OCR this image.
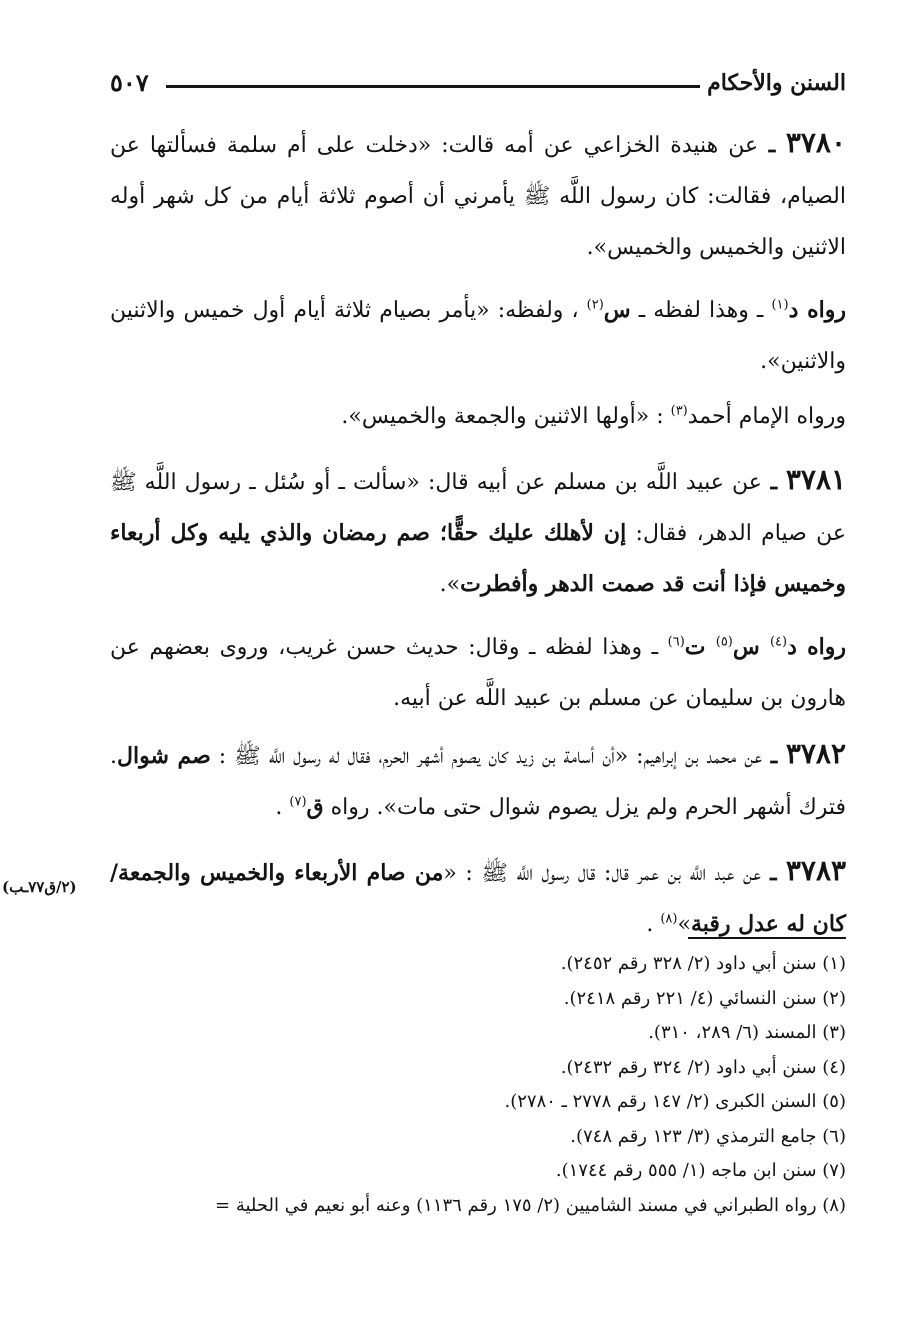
السنن والأحكام
٥٠٧

٣٧٨٠ ـ عن هنيدة الخزاعي عن أمه قالت: «دخلت على أم سلمة فسألتها عن الصيام، فقالت: كان رسول اللَّه ﷺ يأمرني أن أصوم ثلاثة أيام من كل شهر أوله الاثنين والخميس والخميس».

رواه د$^{(١)}$ ـ وهذا لفظه ـ س$^{(٢)}$ ، ولفظه: «يأمر بصيام ثلاثة أيام أول خميس والاثنين والاثنين».

ورواه الإمام أحمد$^{(٣)}$ : «أولها الاثنين والجمعة والخميس».

٣٧٨١ ـ عن عبيد اللَّه بن مسلم عن أبيه قال: «سألت ـ أو سُئل ـ رسول اللَّه ﷺ عن صيام الدهر، فقال: إن لأهلك عليك حقًّا؛ صم رمضان والذي يليه وكل أربعاء وخميس فإذا أنت قد صمت الدهر وأفطرت».

رواه د$^{(٤)}$ س$^{(٥)}$ ت$^{(٦)}$ ـ وهذا لفظه ـ وقال: حديث حسن غريب، وروى بعضهم عن هارون بن سليمان عن مسلم بن عبيد اللَّه عن أبيه.

٣٧٨٢ ـ عن محمد بن إبراهيم: «أن أسامة بن زيد كان يصوم أشهر الحرم، فقال له رسول اللَّه ﷺ : صم شوال. فترك أشهر الحرم ولم يزل يصوم شوال حتى مات». رواه ق$^{(٧)}$ .

٣٧٨٣ ـ عن عبد اللَّه بن عمر قال: قال رسول اللَّه ﷺ : «من صام الأربعاء والخميس والجمعة/ كان له عدل رقبة»$^{(٨)}$ .

(٢/ق٧٧ـب)
(١) سنن أبي داود (٢/ ٣٢٨ رقم ٢٤٥٢).
(٢) سنن النسائي (٤/ ٢٢١ رقم ٢٤١٨).
(٣) المسند (٦/ ٢٨٩، ٣١٠).
(٤) سنن أبي داود (٢/ ٣٢٤ رقم ٢٤٣٢).
(٥) السنن الكبرى (٢/ ١٤٧ رقم ٢٧٧٨ ـ ٢٧٨٠).
(٦) جامع الترمذي (٣/ ١٢٣ رقم ٧٤٨).
(٧) سنن ابن ماجه (١/ ٥٥٥ رقم ١٧٤٤).
(٨) رواه الطبراني في مسند الشاميين (٢/ ١٧٥ رقم ١١٣٦) وعنه أبو نعيم في الحلية =
